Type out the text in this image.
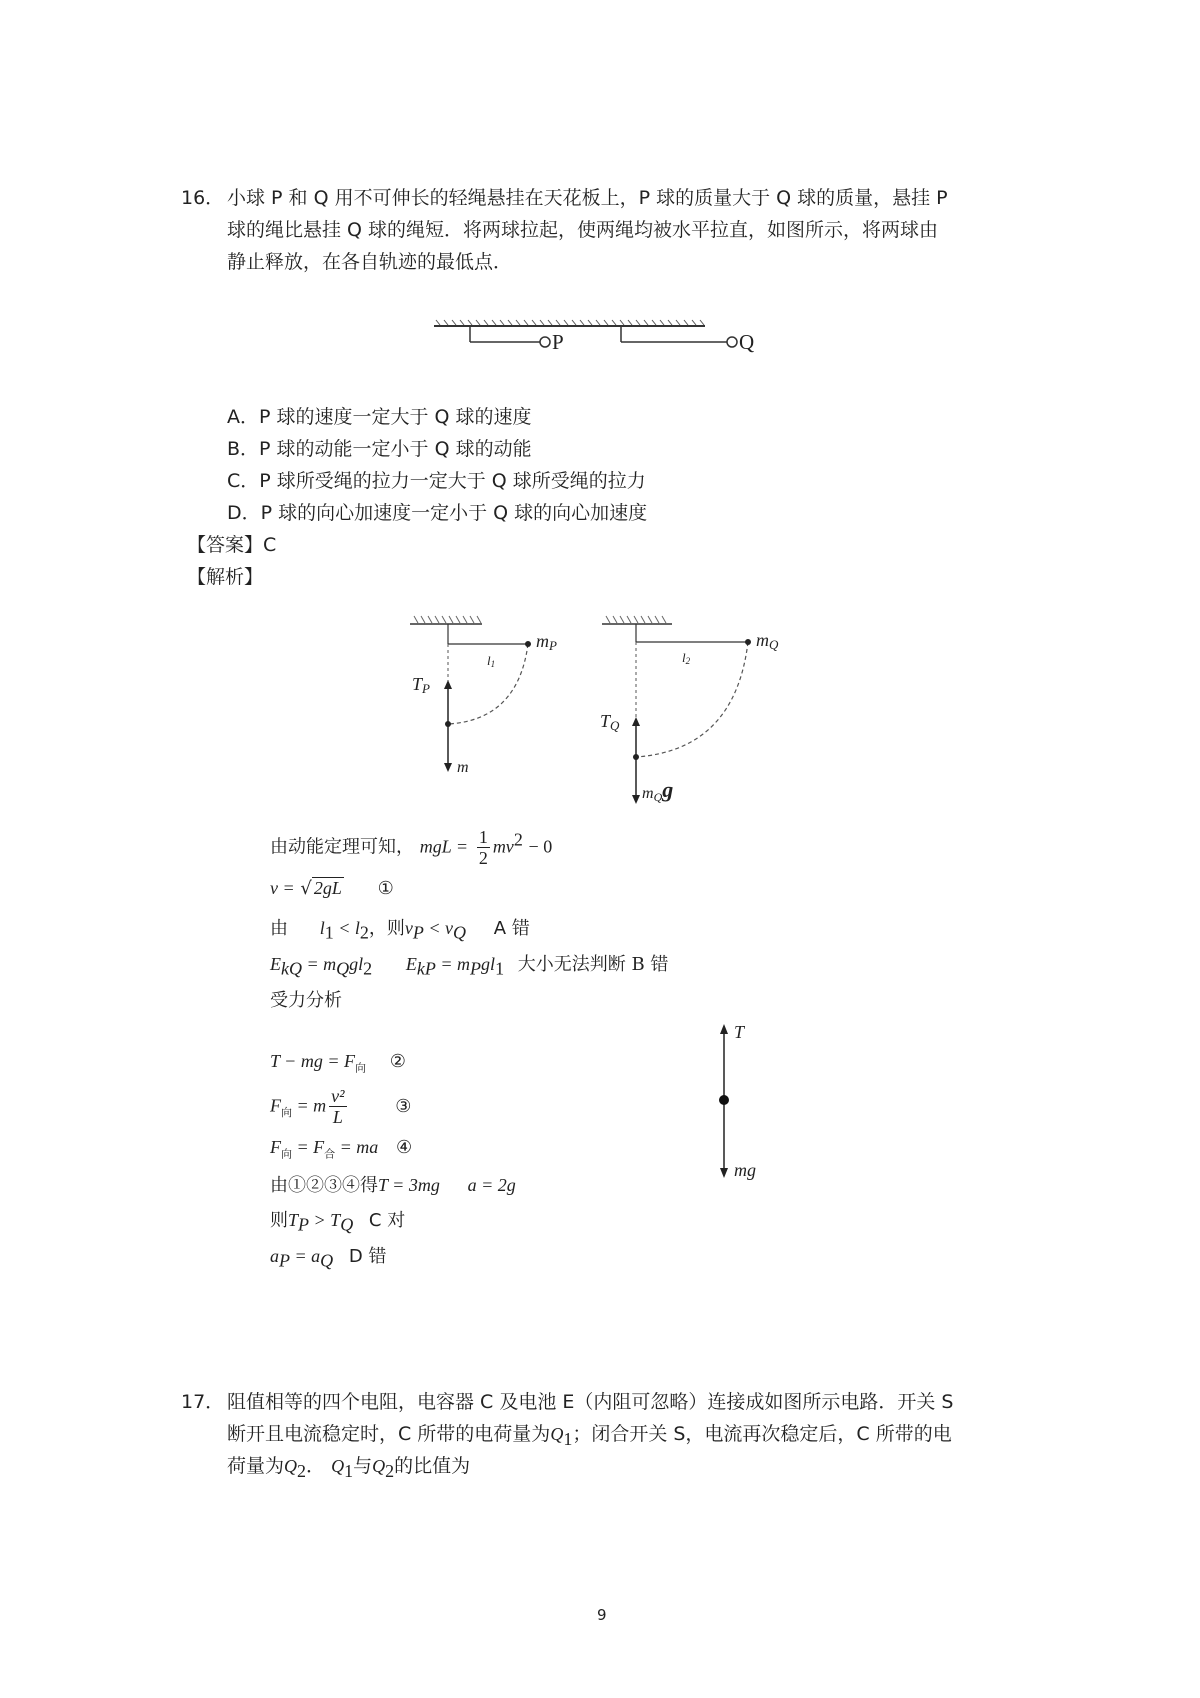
16． 小球 P 和 Q 用不可伸长的轻绳悬挂在天花板上，P 球的质量大于 Q 球的质量，悬挂 P
球的绳比悬挂 Q 球的绳短．将两球拉起，使两绳均被水平拉直，如图所示，将两球由
静止释放，在各自轨迹的最低点．
P	Q
A．P 球的速度一定大于 Q 球的速度
B．P 球的动能一定小于 Q 球的动能
C．P 球所受绳的拉力一定大于 Q 球所受绳的拉力
D．P 球的向心加速度一定小于 Q 球的向心加速度
【答案】C
【解析】
mP
l1
TP
m
mQ
l2
TQ
mQg
由动能定理可知， mgL = $\frac{1}{2} mv^2 - 0$
v = √ 2gL ①
由 $l_1 < l_2$，则$v_P < v_Q$ A 错
$E_{kQ} = m_Qgl_2$ $E_{kP} = m_Pgl_1$ 大小无法判断 B 错
受力分析
T − mg = $F_向$ ②
$F_向 = m \frac{\text{v²}}{L}$	③
$F_向 = F_合$ = ma ④
由①②③④得T = 3mg a = 2g
则$T_P > T_Q$ C 对
$a_P = a_Q$ D 错
T
mg
17． 阻值相等的四个电阻，电容器 C 及电池 E（内阻可忽略）连接成如图所示电路．开关 S
断开且电流稳定时，C 所带的电荷量为$Q_1$；闭合开关 S，电流再次稳定后，C 所带的电
荷量为$Q_2$． $Q_1$与$Q_2$的比值为
9
